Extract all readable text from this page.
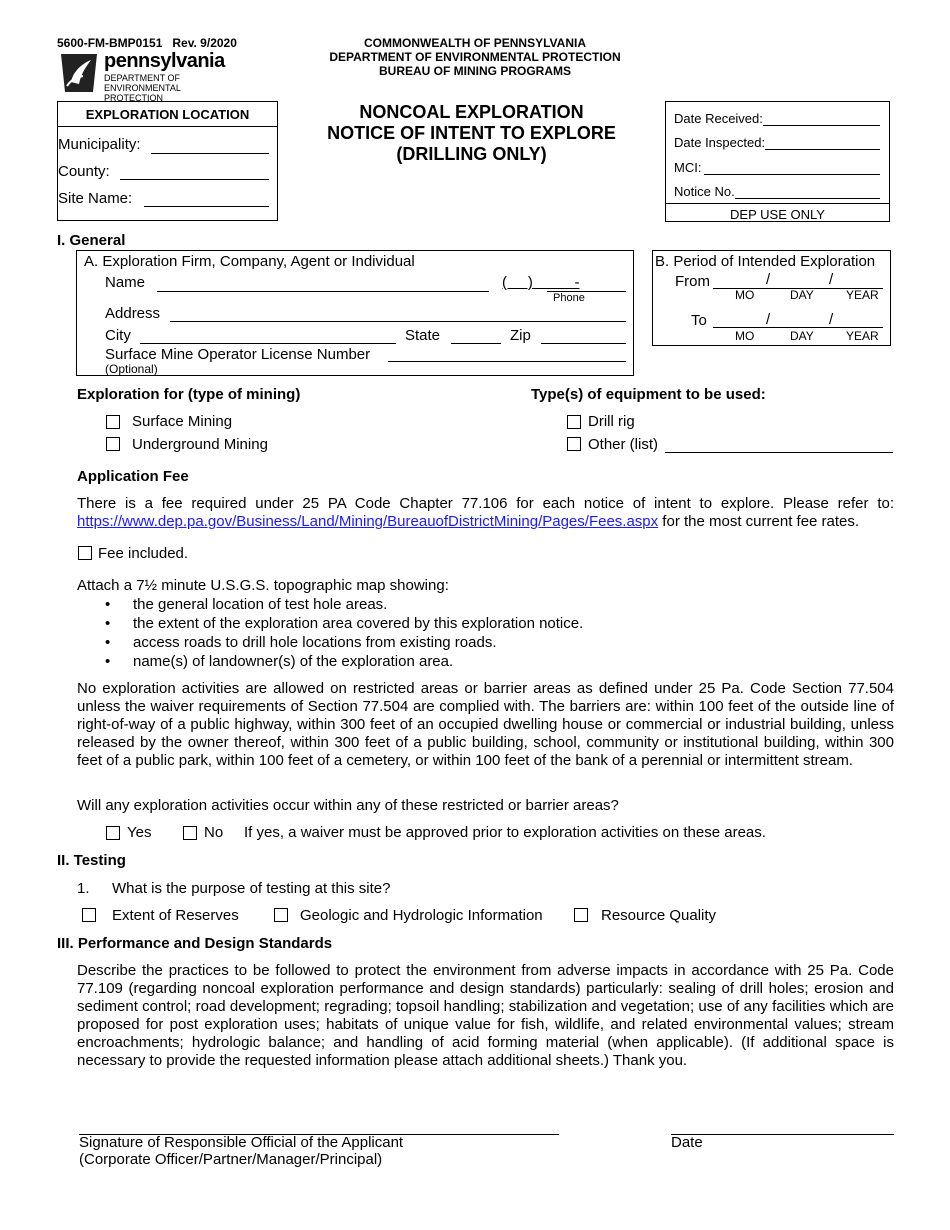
5600-FM-BMP0151 Rev. 9/2020
pennsylvania
DEPARTMENT OF ENVIRONMENTAL
PROTECTION
COMMONWEALTH OF PENNSYLVANIA
DEPARTMENT OF ENVIRONMENTAL PROTECTION
BUREAU OF MINING PROGRAMS
EXPLORATION LOCATION
Municipality:
County:
Site Name:
NONCOAL EXPLORATION
NOTICE OF INTENT TO EXPLORE
(DRILLING ONLY)
Date Received:
Date Inspected:
MCI:
Notice No.
DEP USE ONLY
I. General
A. Exploration Firm, Company, Agent or Individual
Name	(     )          -
Phone
Address
City	State	Zip
Surface Mine Operator License Number
(Optional)
B. Period of Intended Exploration
From	/	/
MO	DAY	YEAR
To	/	/
MO	DAY	YEAR
Exploration for (type of mining)
Surface Mining
Underground Mining
Type(s) of equipment to be used:
Drill rig
Other (list)
Application Fee
There is a fee required under 25 PA Code Chapter 77.106 for each notice of intent to explore. Please refer to:
https://www.dep.pa.gov/Business/Land/Mining/BureauofDistrictMining/Pages/Fees.aspx for the most current fee rates.
Fee included.
Attach a 7½ minute U.S.G.S. topographic map showing:
• the general location of test hole areas.
• the extent of the exploration area covered by this exploration notice.
• access roads to drill hole locations from existing roads.
• name(s) of landowner(s) of the exploration area.
No exploration activities are allowed on restricted areas or barrier areas as defined under 25 Pa. Code Section 77.504 unless the waiver requirements of Section 77.504 are complied with. The barriers are: within 100 feet of the outside line of right-of-way of a public highway, within 300 feet of an occupied dwelling house or commercial or industrial building, unless released by the owner thereof, within 300 feet of a public building, school, community or institutional building, within 300 feet of a public park, within 100 feet of a cemetery, or within 100 feet of the bank of a perennial or intermittent stream.
Will any exploration activities occur within any of these restricted or barrier areas?
Yes	No If yes, a waiver must be approved prior to exploration activities on these areas.
II. Testing
1. What is the purpose of testing at this site?
Extent of Reserves	Geologic and Hydrologic Information	Resource Quality
III. Performance and Design Standards
Describe the practices to be followed to protect the environment from adverse impacts in accordance with 25 Pa. Code 77.109 (regarding noncoal exploration performance and design standards) particularly: sealing of drill holes; erosion and sediment control; road development; regrading; topsoil handling; stabilization and vegetation; use of any facilities which are proposed for post exploration uses; habitats of unique value for fish, wildlife, and related environmental values; stream encroachments; hydrologic balance; and handling of acid forming material (when applicable). (If additional space is necessary to provide the requested information please attach additional sheets.) Thank you.
Signature of Responsible Official of the Applicant
(Corporate Officer/Partner/Manager/Principal)
Date
